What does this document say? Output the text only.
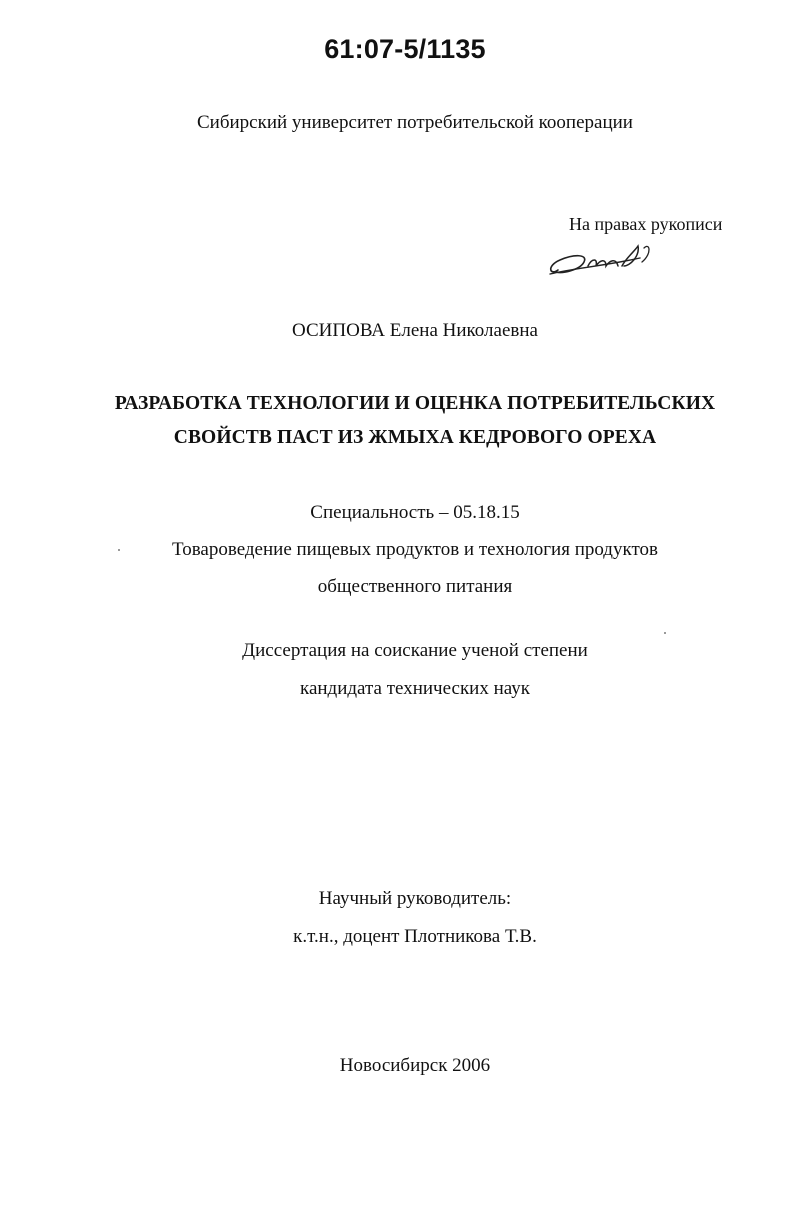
61:07-5/1135
Сибирский университет потребительской кооперации
На правах рукописи
ОСИПОВА Елена Николаевна
РАЗРАБОТКА ТЕХНОЛОГИИ И ОЦЕНКА ПОТРЕБИТЕЛЬСКИХ
СВОЙСТВ ПАСТ ИЗ ЖМЫХА КЕДРОВОГО ОРЕХА
Специальность – 05.18.15
Товароведение пищевых продуктов и технология продуктов
общественного питания
Диссертация на соискание ученой степени
кандидата технических наук
Научный руководитель:
к.т.н., доцент Плотникова Т.В.
Новосибирск 2006
